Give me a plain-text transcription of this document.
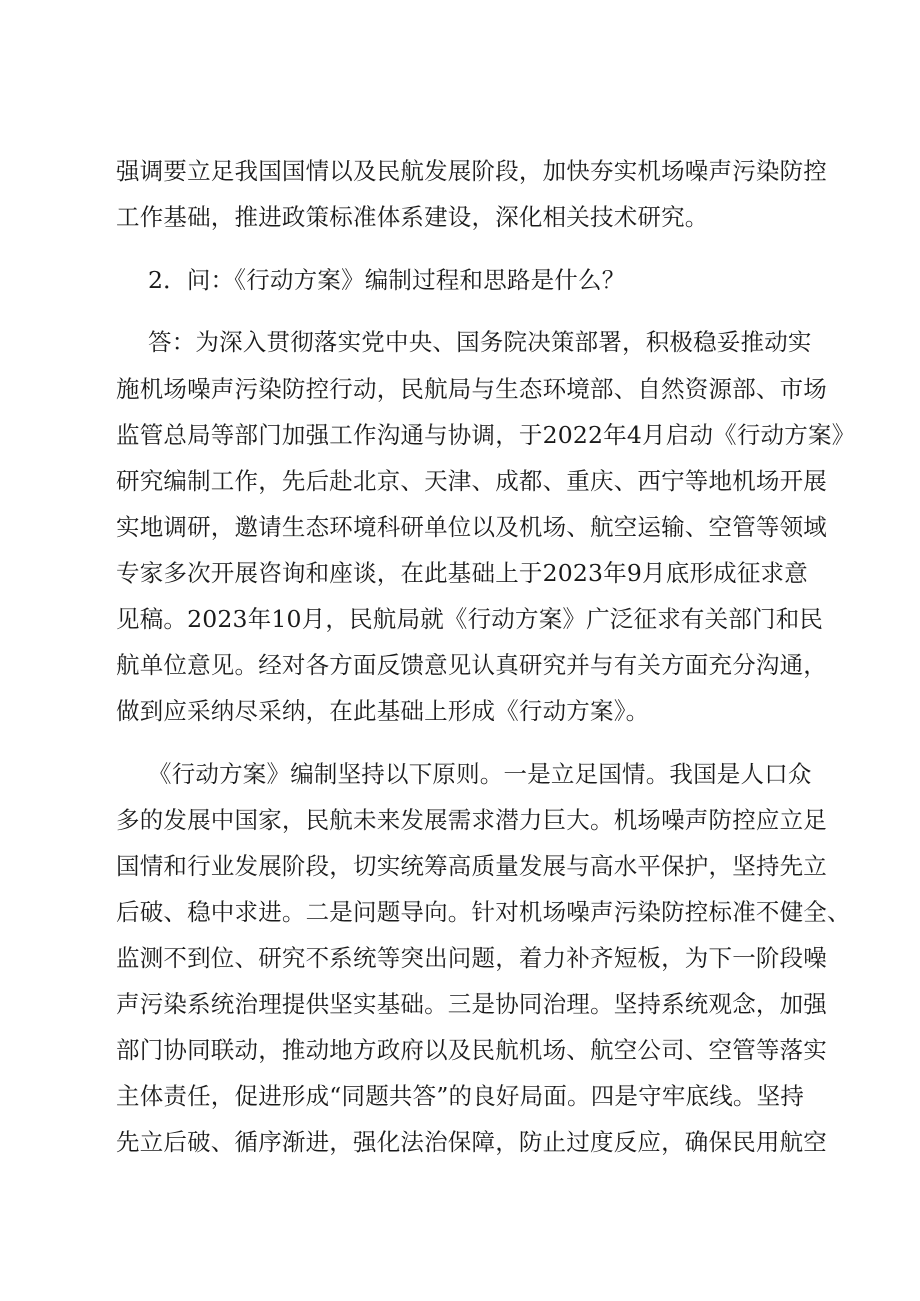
强调要立足我国国情以及民航发展阶段，加快夯实机场噪声污染防控
工作基础，推进政策标准体系建设，深化相关技术研究。
2．问：《行动方案》编制过程和思路是什么？
答：为深入贯彻落实党中央、国务院决策部署，积极稳妥推动实
施机场噪声污染防控行动，民航局与生态环境部、自然资源部、市场
监管总局等部门加强工作沟通与协调，于2022年4月启动《行动方案》
研究编制工作，先后赴北京、天津、成都、重庆、西宁等地机场开展
实地调研，邀请生态环境科研单位以及机场、航空运输、空管等领域
专家多次开展咨询和座谈，在此基础上于2023年9月底形成征求意
见稿。2023年10月，民航局就《行动方案》广泛征求有关部门和民
航单位意见。经对各方面反馈意见认真研究并与有关方面充分沟通，
做到应采纳尽采纳，在此基础上形成《行动方案》。
《行动方案》编制坚持以下原则。一是立足国情。我国是人口众
多的发展中国家，民航未来发展需求潜力巨大。机场噪声防控应立足
国情和行业发展阶段，切实统筹高质量发展与高水平保护，坚持先立
后破、稳中求进。二是问题导向。针对机场噪声污染防控标准不健全、
监测不到位、研究不系统等突出问题，着力补齐短板，为下一阶段噪
声污染系统治理提供坚实基础。三是协同治理。坚持系统观念，加强
部门协同联动，推动地方政府以及民航机场、航空公司、空管等落实
主体责任，促进形成“同题共答”的良好局面。四是守牢底线。坚持
先立后破、循序渐进，强化法治保障，防止过度反应，确保民用航空
